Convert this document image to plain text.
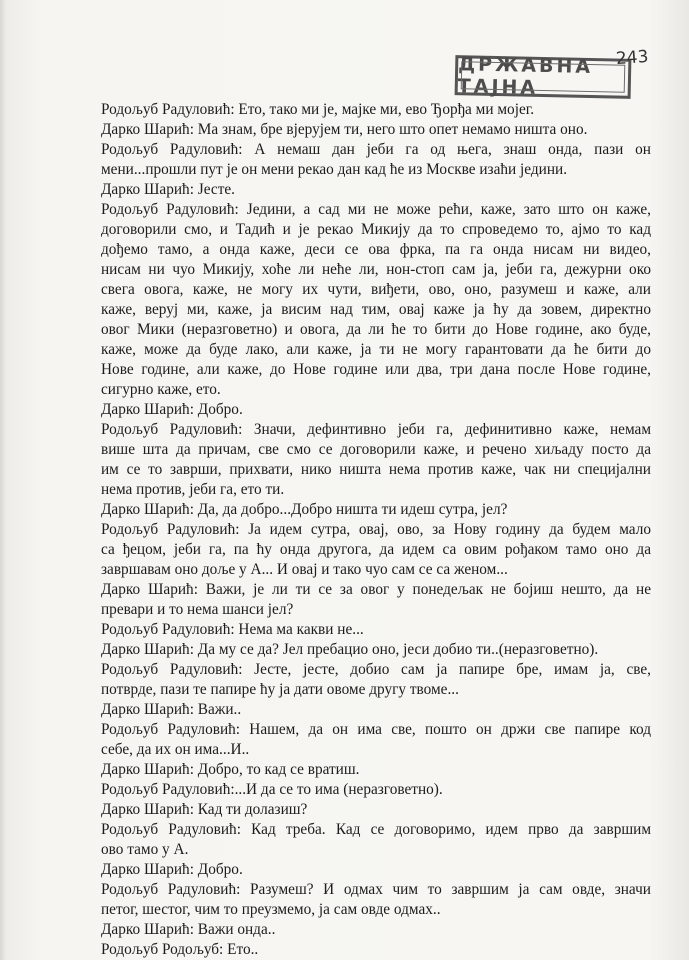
ДРЖАВНА ТАЈНА
243
Родољуб Радуловић: Ето, тако ми је, мајке ми, ево Ђорђа ми мојег.
Дарко Шарић: Ма знам, бре вјерујем ти, него што опет немамо ништа оно.
Родољуб Радуловић: А немаш дан јеби га од њега, знаш онда, пази он
мени...прошли пут је он мени рекао дан кад ће из Москве изаћи једини.
Дарко Шарић: Јесте.
Родољуб Радуловић: Једини, а сад ми не може рећи, каже, зато што он каже,
договорили смо, и Тадић и је рекао Микију да то спроведемо то, ајмо то кад
дођемо тамо, а онда каже, деси се ова фрка, па га онда нисам ни видео,
нисам ни чуо Микију, хоће ли неће ли, нон-стоп сам ја, јеби га, дежурни око
свега овога, каже, не могу их чути, виђети, ово, оно, разумеш и каже, али
каже, веруј ми, каже, ја висим над тим, овај каже ја ћу да зовем, директно
овог Мики (неразговетно) и овога, да ли ће то бити до Нове године, ако буде,
каже, може да буде лако, али каже, ја ти не могу гарантовати да ће бити до
Нове године, али каже, до Нове године или два, три дана после Нове године,
сигурно каже, ето.
Дарко Шарић: Добро.
Родољуб Радуловић: Значи, дефинтивно јеби га, дефинитивно каже, немам
више шта да причам, све смо се договорили каже, и речено хиљаду посто да
им се то заврши, прихвати, нико ништа нема против каже, чак ни специјални
нема против, јеби га, ето ти.
Дарко Шарић: Да, да добро...Добро ништа ти идеш сутра, јел?
Родољуб Радуловић: Ја идем сутра, овај, ово, за Нову годину да будем мало
са ђецом, јеби га, па ћу онда другога, да идем са овим рођаком тамо оно да
завршавам оно доље у А... И овај и тако чуо сам се са женом...
Дарко Шарић: Важи, је ли ти се за овог у понедељак не бојиш нешто, да не
превари и то нема шанси јел?
Родољуб Радуловић: Нема ма какви не...
Дарко Шарић: Да му се да? Јел пребацио оно, јеси добио ти..(неразговетно).
Родољуб Радуловић: Јесте, јесте, добио сам ја папире бре, имам ја, све,
потврде, пази те папире ћу ја дати овоме другу твоме...
Дарко Шарић: Важи..
Родољуб Радуловић: Нашем, да он има све, пошто он држи све папире код
себе, да их он има...И..
Дарко Шарић: Добро, то кад се вратиш.
Родољуб Радуловић:...И да се то има (неразговетно).
Дарко Шарић: Кад ти долазиш?
Родољуб Радуловић: Кад треба. Кад се договоримо, идем прво да завршим
ово тамо у А.
Дарко Шарић: Добро.
Родољуб Радуловић: Разумеш? И одмах чим то завршим ја сам овде, значи
петог, шестог, чим то преузмемо, ја сам овде одмах..
Дарко Шарић: Важи онда..
Родољуб Родољуб: Ето..
